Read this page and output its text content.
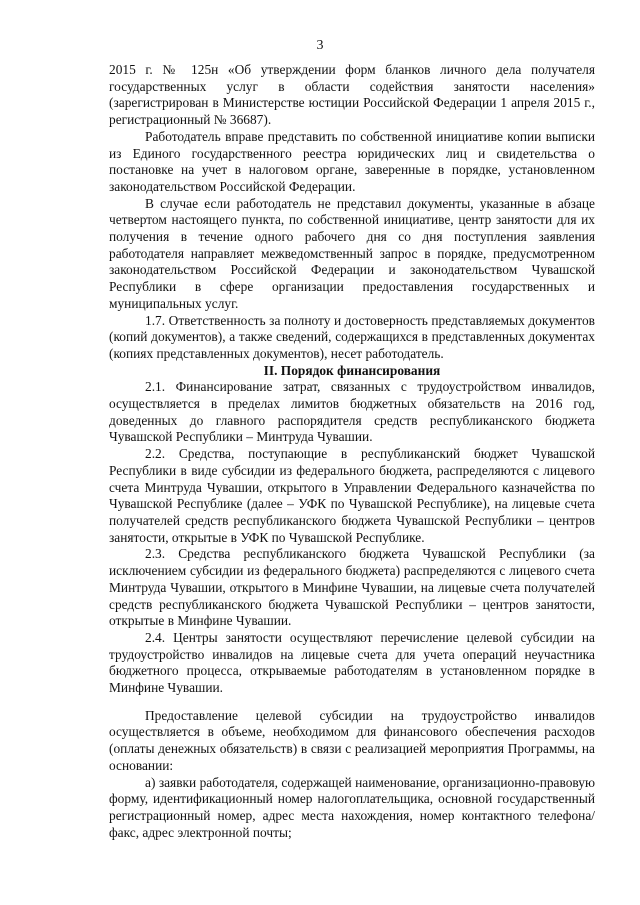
3

2015 г. № 125н «Об утверждении форм бланков личного дела получателя государственных услуг в области содействия занятости населения» (зарегистрирован в Министерстве юстиции Российской Федерации 1 апреля 2015 г., регистрационный № 36687).

Работодатель вправе представить по собственной инициативе копии выписки из Единого государственного реестра юридических лиц и свидетельства о постановке на учет в налоговом органе, заверенные в порядке, установленном законодательством Российской Федерации.

В случае если работодатель не представил документы, указанные в абзаце четвертом настоящего пункта, по собственной инициативе, центр занятости для их получения в течение одного рабочего дня со дня поступления заявления работодателя направляет межведомственный запрос в порядке, предусмотренном законодательством Российской Федерации и законодательством Чувашской Республики в сфере организации предоставления государственных и муниципальных услуг.

1.7. Ответственность за полноту и достоверность представляемых документов (копий документов), а также сведений, содержащихся в представленных документах (копиях представленных документов), несет работодатель.

II. Порядок финансирования

2.1. Финансирование затрат, связанных с трудоустройством инвалидов, осуществляется в пределах лимитов бюджетных обязательств на 2016 год, доведенных до главного распорядителя средств республиканского бюджета Чувашской Республики – Минтруда Чувашии.

2.2. Средства, поступающие в республиканский бюджет Чувашской Республики в виде субсидии из федерального бюджета, распределяются с лицевого счета Минтруда Чувашии, открытого в Управлении Федерального казначейства по Чувашской Республике (далее – УФК по Чувашской Республике), на лицевые счета получателей средств республиканского бюджета Чувашской Республики – центров занятости, открытые в УФК по Чувашской Республике.

2.3. Средства республиканского бюджета Чувашской Республики (за исключением субсидии из федерального бюджета) распределяются с лицевого счета Минтруда Чувашии, открытого в Минфине Чувашии, на лицевые счета получателей средств республиканского бюджета Чувашской Республики – центров занятости, открытые в Минфине Чувашии.

2.4. Центры занятости осуществляют перечисление целевой субсидии на трудоустройство инвалидов на лицевые счета для учета операций неучастника бюджетного процесса, открываемые работодателям в установленном порядке в Минфине Чувашии.

Предоставление целевой субсидии на трудоустройство инвалидов осуществляется в объеме, необходимом для финансового обеспечения расходов (оплаты денежных обязательств) в связи с реализацией мероприятия Программы, на основании:

а) заявки работодателя, содержащей наименование, организационно-правовую форму, идентификационный номер налогоплательщика, основной государственный регистрационный номер, адрес места нахождения, номер контактного телефона/факс, адрес электронной почты;
